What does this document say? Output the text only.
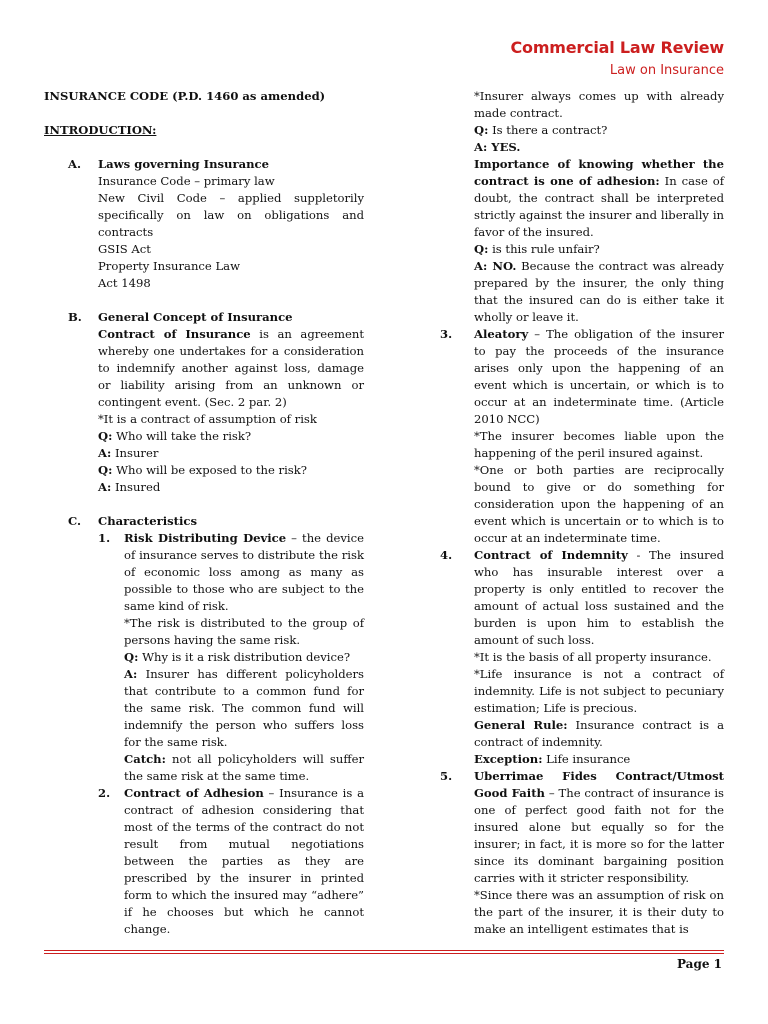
Commercial Law Review
Law on Insurance

INSURANCE CODE (P.D. 1460 as amended)

INTRODUCTION:

A.	Laws governing Insurance

Insurance Code – primary law

New Civil Code – applied suppletorily specifically on law on obligations and contracts

GSIS Act

Property Insurance Law

Act 1498

B.	General Concept of Insurance

Contract of Insurance is an agreement whereby one undertakes for a consideration to indemnify another against loss, damage or liability arising from an unknown or contingent event. (Sec. 2 par. 2)

*It is a contract of assumption of risk

Q: Who will take the risk?

A: Insurer

Q: Who will be exposed to the risk?

A: Insured

C.	Characteristics

1.	Risk Distributing Device – the device of insurance serves to distribute the risk of economic loss among as many as possible to those who are subject to the same kind of risk.

*The risk is distributed to the group of persons having the same risk.

Q: Why is it a risk distribution device?

A: Insurer has different policyholders that contribute to a common fund for the same risk. The common fund will indemnify the person who suffers loss for the same risk.

Catch: not all policyholders will suffer the same risk at the same time.

2.	Contract of Adhesion – Insurance is a contract of adhesion considering that most of the terms of the contract do not result from mutual negotiations between the parties as they are prescribed by the insurer in printed form to which the insured may “adhere” if he chooses but which he cannot change.

*Insurer always comes up with already made contract.

Q: Is there a contract?

A: YES.

Importance of knowing whether the contract is one of adhesion: In case of doubt, the contract shall be interpreted strictly against the insurer and liberally in favor of the insured.

Q: is this rule unfair?

A: NO. Because the contract was already prepared by the insurer, the only thing that the insured can do is either take it wholly or leave it.

3.	Aleatory – The obligation of the insurer to pay the proceeds of the insurance arises only upon the happening of an event which is uncertain, or which is to occur at an indeterminate time. (Article 2010 NCC)

*The insurer becomes liable upon the happening of the peril insured against.

*One or both parties are reciprocally bound to give or do something for consideration upon the happening of an event which is uncertain or to which is to occur at an indeterminate time.

4.	Contract of Indemnity - The insured who has insurable interest over a property is only entitled to recover the amount of actual loss sustained and the burden is upon him to establish the amount of such loss.

*It is the basis of all property insurance.

*Life insurance is not a contract of indemnity. Life is not subject to pecuniary estimation; Life is precious.

General Rule: Insurance contract is a contract of indemnity.

Exception: Life insurance

5.	Uberrimae Fides Contract/Utmost Good Faith – The contract of insurance is one of perfect good faith not for the insured alone but equally so for the insurer; in fact, it is more so for the latter since its dominant bargaining position carries with it stricter responsibility.

*Since there was an assumption of risk on the part of the insurer, it is their duty to make an intelligent estimates that is

Page 1
